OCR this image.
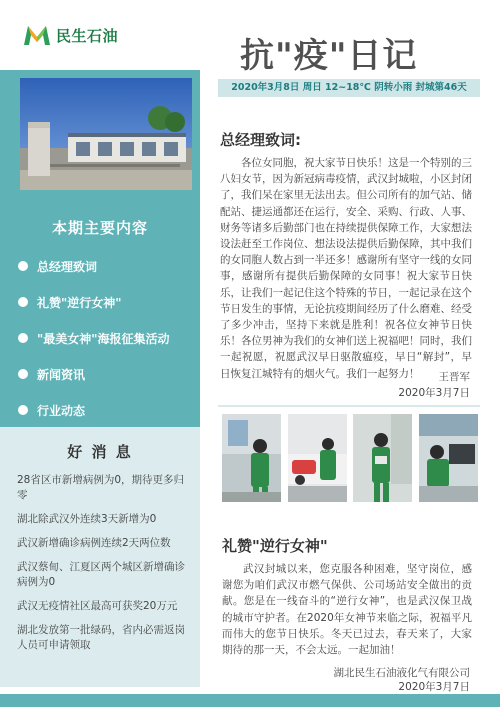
民生石油
本期主要内容
总经理致词
礼赞"逆行女神"
"最美女神"海报征集活动
新闻资讯
行业动态
好 消 息
28省区市新增病例为0，期待更多归零
湖北除武汉外连续3天新增为0
武汉新增确诊病例连续2天两位数
武汉蔡甸、江夏区两个城区新增确诊病例为0
武汉无疫情社区最高可获奖20万元
湖北发放第一批绿码，省内必需返岗人员可申请领取
抗"疫"日记
2020年3月8日 周日 12~18℃ 阴转小雨 封城第46天
总经理致词:
各位女同胞，祝大家节日快乐！这是一个特别的三八妇女节，因为新冠病毒疫情，武汉封城啦，小区封闭了，我们呆在家里无法出去。但公司所有的加气站、储配站、捷运通都还在运行，安全、采购、行政、人事、财务等诸多后勤部门也在持续提供保障工作，大家想法设法赶至工作岗位、想法设法提供后勤保障，其中我们的女同胞人数占到一半还多！感谢所有坚守一线的女同事，感谢所有提供后勤保障的女同事！祝大家节日快乐，让我们一起记住这个特殊的节日，一起记录在这个节日发生的事情，无论抗疫期间经历了什么磨难、经受了多少冲击，坚持下来就是胜利！祝各位女神节日快乐！各位男神为我们的女神们送上祝福吧！同时，我们一起祝愿，祝愿武汉早日驱散瘟疫，早日“解封”，早日恢复江城特有的烟火气。我们一起努力！	王晋军
2020年3月7日
礼赞"逆行女神"
武汉封城以来，您克服各种困难，坚守岗位，感谢您为咱们武汉市燃气保供、公司场站安全做出的贡献。您是在一线奋斗的“逆行女神”，也是武汉保卫战的城市守护者。在2020年女神节来临之际，祝福平凡而伟大的您节日快乐。冬天已过去，春天来了，大家期待的那一天，不会太远。一起加油！
湖北民生石油液化气有限公司
2020年3月7日
